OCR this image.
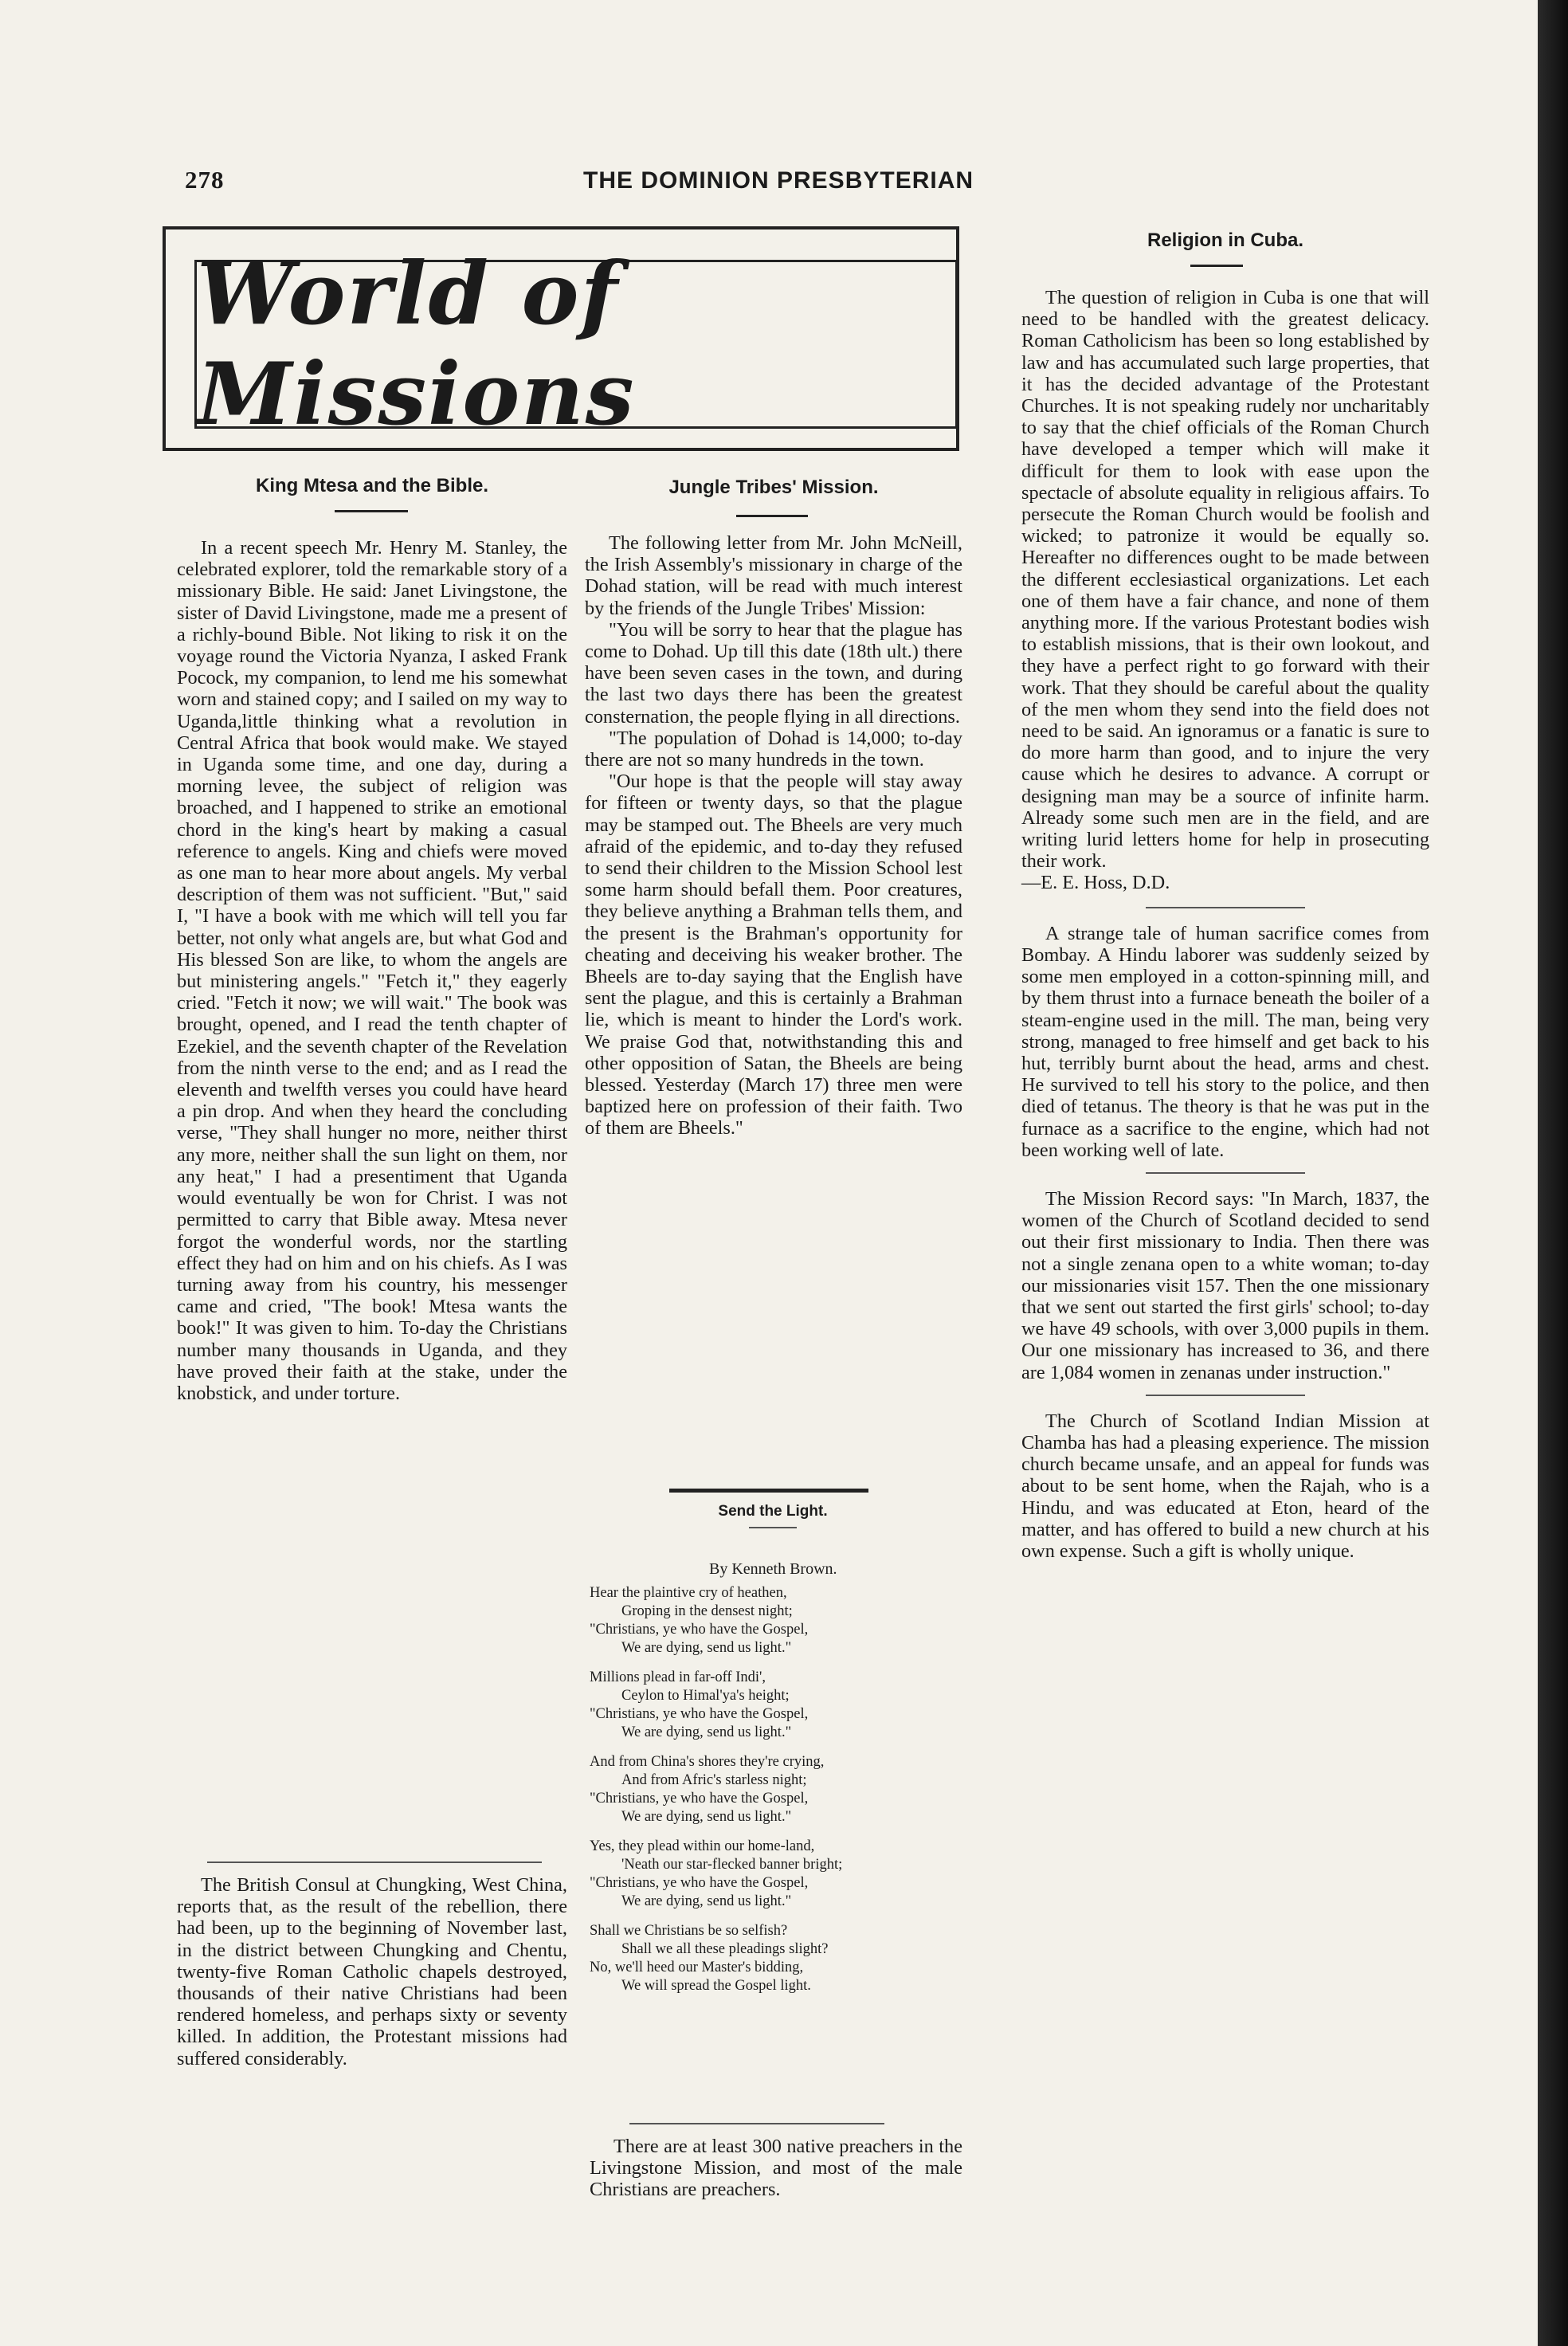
278	THE DOMINION PRESBYTERIAN
World of Missions
King Mtesa and the Bible.

In a recent speech Mr. Henry M. Stanley, the celebrated explorer, told the remarkable story of a missionary Bible. He said: Janet Livingstone, the sister of David Livingstone, made me a present of a richly-bound Bible. Not liking to risk it on the voyage round the Victoria Nyanza, I asked Frank Pocock, my companion, to lend me his somewhat worn and stained copy; and I sailed on my way to Uganda,little thinking what a revolution in Central Africa that book would make. We stayed in Uganda some time, and one day, during a morning levee, the subject of religion was broached, and I happened to strike an emotional chord in the king's heart by making a casual reference to angels. King and chiefs were moved as one man to hear more about angels. My verbal description of them was not sufficient. "But," said I, "I have a book with me which will tell you far better, not only what angels are, but what God and His blessed Son are like, to whom the angels are but ministering angels." "Fetch it," they eagerly cried. "Fetch it now; we will wait." The book was brought, opened, and I read the tenth chapter of Ezekiel, and the seventh chapter of the Revelation from the ninth verse to the end; and as I read the eleventh and twelfth verses you could have heard a pin drop. And when they heard the concluding verse, "They shall hunger no more, neither thirst any more, neither shall the sun light on them, nor any heat," I had a presentiment that Uganda would eventually be won for Christ. I was not permitted to carry that Bible away. Mtesa never forgot the wonderful words, nor the startling effect they had on him and on his chiefs. As I was turning away from his country, his messenger came and cried, "The book! Mtesa wants the book!" It was given to him. To-day the Christians number many thousands in Uganda, and they have proved their faith at the stake, under the knobstick, and under torture.

The British Consul at Chungking, West China, reports that, as the result of the rebellion, there had been, up to the beginning of November last, in the district between Chungking and Chentu, twenty-five Roman Catholic chapels destroyed, thousands of their native Christians had been rendered homeless, and perhaps sixty or seventy killed. In addition, the Protestant missions had suffered considerably.

Jungle Tribes' Mission.

The following letter from Mr. John McNeill, the Irish Assembly's missionary in charge of the Dohad station, will be read with much interest by the friends of the Jungle Tribes' Mission:

"You will be sorry to hear that the plague has come to Dohad. Up till this date (18th ult.) there have been seven cases in the town, and during the last two days there has been the greatest consternation, the people flying in all directions.

"The population of Dohad is 14,000; to-day there are not so many hundreds in the town.

"Our hope is that the people will stay away for fifteen or twenty days, so that the plague may be stamped out. The Bheels are very much afraid of the epidemic, and to-day they refused to send their children to the Mission School lest some harm should befall them. Poor creatures, they believe anything a Brahman tells them, and the present is the Brahman's opportunity for cheating and deceiving his weaker brother. The Bheels are to-day saying that the English have sent the plague, and this is certainly a Brahman lie, which is meant to hinder the Lord's work. We praise God that, notwithstanding this and other opposition of Satan, the Bheels are being blessed. Yesterday (March 17) three men were baptized here on profession of their faith. Two of them are Bheels."

Send the Light.
By Kenneth Brown.
Hear the plaintive cry of heathen,
Groping in the densest night;
"Christians, ye who have the Gospel,
We are dying, send us light."
Millions plead in far-off Indi',
Ceylon to Himal'ya's height;
"Christians, ye who have the Gospel,
We are dying, send us light."
And from China's shores they're crying,
And from Afric's starless night;
"Christians, ye who have the Gospel,
We are dying, send us light."
Yes, they plead within our home-land,
'Neath our star-flecked banner bright;
"Christians, ye who have the Gospel,
We are dying, send us light."
Shall we Christians be so selfish?
Shall we all these pleadings slight?
No, we'll heed our Master's bidding,
We will spread the Gospel light.

There are at least 300 native preachers in the Livingstone Mission, and most of the male Christians are preachers.

Religion in Cuba.

The question of religion in Cuba is one that will need to be handled with the greatest delicacy. Roman Catholicism has been so long established by law and has accumulated such large properties, that it has the decided advantage of the Protestant Churches. It is not speaking rudely nor uncharitably to say that the chief officials of the Roman Church have developed a temper which will make it difficult for them to look with ease upon the spectacle of absolute equality in religious affairs. To persecute the Roman Church would be foolish and wicked; to patronize it would be equally so. Hereafter no differences ought to be made between the different ecclesiastical organizations. Let each one of them have a fair chance, and none of them anything more. If the various Protestant bodies wish to establish missions, that is their own lookout, and they have a perfect right to go forward with their work. That they should be careful about the quality of the men whom they send into the field does not need to be said. An ignoramus or a fanatic is sure to do more harm than good, and to injure the very cause which he desires to advance. A corrupt or designing man may be a source of infinite harm. Already some such men are in the field, and are writing lurid letters home for help in prosecuting their work.

—E. E. Hoss, D.D.

A strange tale of human sacrifice comes from Bombay. A Hindu laborer was suddenly seized by some men employed in a cotton-spinning mill, and by them thrust into a furnace beneath the boiler of a steam-engine used in the mill. The man, being very strong, managed to free himself and get back to his hut, terribly burnt about the head, arms and chest. He survived to tell his story to the police, and then died of tetanus. The theory is that he was put in the furnace as a sacrifice to the engine, which had not been working well of late.

The Mission Record says: "In March, 1837, the women of the Church of Scotland decided to send out their first missionary to India. Then there was not a single zenana open to a white woman; to-day our missionaries visit 157. Then the one missionary that we sent out started the first girls' school; to-day we have 49 schools, with over 3,000 pupils in them. Our one missionary has increased to 36, and there are 1,084 women in zenanas under instruction."

The Church of Scotland Indian Mission at Chamba has had a pleasing experience. The mission church became unsafe, and an appeal for funds was about to be sent home, when the Rajah, who is a Hindu, and was educated at Eton, heard of the matter, and has offered to build a new church at his own expense. Such a gift is wholly unique.
